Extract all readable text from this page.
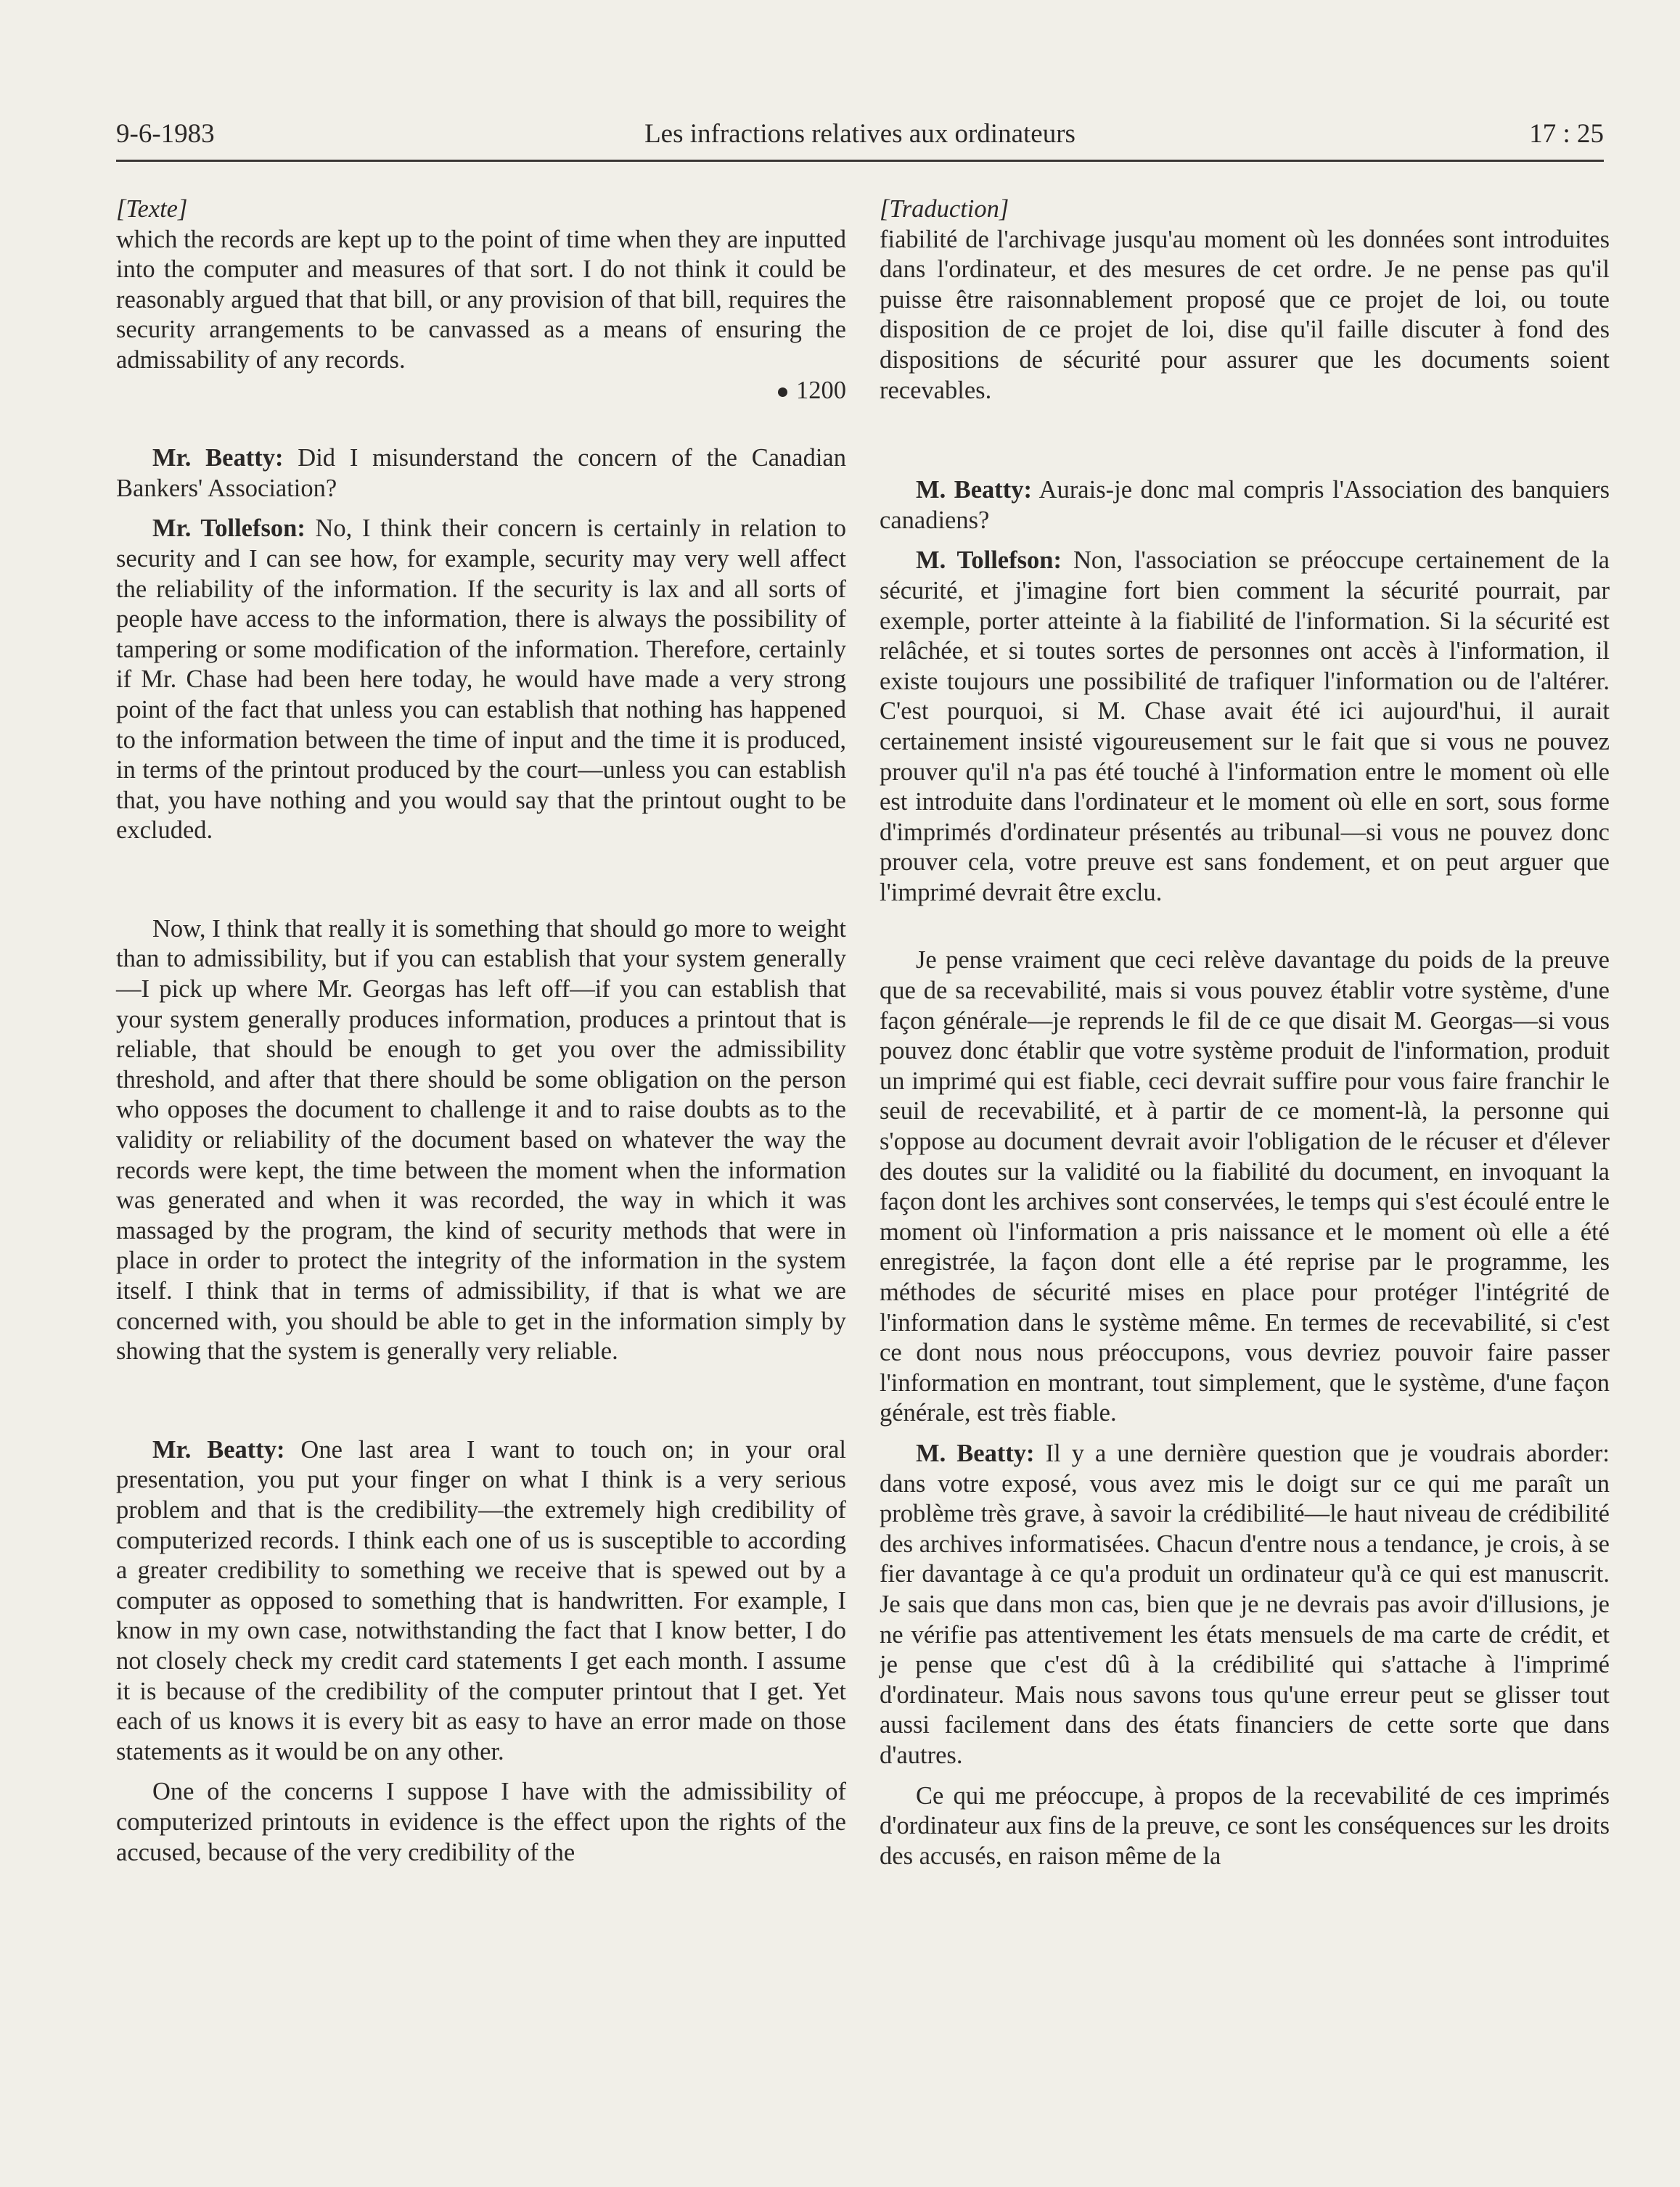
9-6-1983	Les infractions relatives aux ordinateurs	17 : 25

[Texte]

which the records are kept up to the point of time when they are inputted into the computer and measures of that sort. I do not think it could be reasonably argued that that bill, or any provision of that bill, requires the security arrangements to be canvassed as a means of ensuring the admissability of any records.

1200

Mr. Beatty: Did I misunderstand the concern of the Canadian Bankers' Association?

Mr. Tollefson: No, I think their concern is certainly in relation to security and I can see how, for example, security may very well affect the reliability of the information. If the security is lax and all sorts of people have access to the information, there is always the possibility of tampering or some modification of the information. Therefore, certainly if Mr. Chase had been here today, he would have made a very strong point of the fact that unless you can establish that nothing has happened to the information between the time of input and the time it is produced, in terms of the printout produced by the court—unless you can establish that, you have nothing and you would say that the printout ought to be excluded.

Now, I think that really it is something that should go more to weight than to admissibility, but if you can establish that your system generally—I pick up where Mr. Georgas has left off—if you can establish that your system generally produces information, produces a printout that is reliable, that should be enough to get you over the admissibility threshold, and after that there should be some obligation on the person who opposes the document to challenge it and to raise doubts as to the validity or reliability of the document based on whatever the way the records were kept, the time between the moment when the information was generated and when it was recorded, the way in which it was massaged by the program, the kind of security methods that were in place in order to protect the integrity of the information in the system itself. I think that in terms of admissibility, if that is what we are concerned with, you should be able to get in the information simply by showing that the system is generally very reliable.

Mr. Beatty: One last area I want to touch on; in your oral presentation, you put your finger on what I think is a very serious problem and that is the credibility—the extremely high credibility of computerized records. I think each one of us is susceptible to according a greater credibility to something we receive that is spewed out by a computer as opposed to something that is handwritten. For example, I know in my own case, notwithstanding the fact that I know better, I do not closely check my credit card statements I get each month. I assume it is because of the credibility of the computer printout that I get. Yet each of us knows it is every bit as easy to have an error made on those statements as it would be on any other.

One of the concerns I suppose I have with the admissibility of computerized printouts in evidence is the effect upon the rights of the accused, because of the very credibility of the

[Traduction]

fiabilité de l'archivage jusqu'au moment où les données sont introduites dans l'ordinateur, et des mesures de cet ordre. Je ne pense pas qu'il puisse être raisonnablement proposé que ce projet de loi, ou toute disposition de ce projet de loi, dise qu'il faille discuter à fond des dispositions de sécurité pour assurer que les documents soient recevables.

M. Beatty: Aurais-je donc mal compris l'Association des banquiers canadiens?

M. Tollefson: Non, l'association se préoccupe certainement de la sécurité, et j'imagine fort bien comment la sécurité pourrait, par exemple, porter atteinte à la fiabilité de l'information. Si la sécurité est relâchée, et si toutes sortes de personnes ont accès à l'information, il existe toujours une possibilité de trafiquer l'information ou de l'altérer. C'est pourquoi, si M. Chase avait été ici aujourd'hui, il aurait certainement insisté vigoureusement sur le fait que si vous ne pouvez prouver qu'il n'a pas été touché à l'information entre le moment où elle est introduite dans l'ordinateur et le moment où elle en sort, sous forme d'imprimés d'ordinateur présentés au tribunal—si vous ne pouvez donc prouver cela, votre preuve est sans fondement, et on peut arguer que l'imprimé devrait être exclu.

Je pense vraiment que ceci relève davantage du poids de la preuve que de sa recevabilité, mais si vous pouvez établir votre système, d'une façon générale—je reprends le fil de ce que disait M. Georgas—si vous pouvez donc établir que votre système produit de l'information, produit un imprimé qui est fiable, ceci devrait suffire pour vous faire franchir le seuil de recevabilité, et à partir de ce moment-là, la personne qui s'oppose au document devrait avoir l'obligation de le récuser et d'élever des doutes sur la validité ou la fiabilité du document, en invoquant la façon dont les archives sont conservées, le temps qui s'est écoulé entre le moment où l'information a pris naissance et le moment où elle a été enregistrée, la façon dont elle a été reprise par le programme, les méthodes de sécurité mises en place pour protéger l'intégrité de l'information dans le système même. En termes de recevabilité, si c'est ce dont nous nous préoccupons, vous devriez pouvoir faire passer l'information en montrant, tout simplement, que le système, d'une façon générale, est très fiable.

M. Beatty: Il y a une dernière question que je voudrais aborder: dans votre exposé, vous avez mis le doigt sur ce qui me paraît un problème très grave, à savoir la crédibilité—le haut niveau de crédibilité des archives informatisées. Chacun d'entre nous a tendance, je crois, à se fier davantage à ce qu'a produit un ordinateur qu'à ce qui est manuscrit. Je sais que dans mon cas, bien que je ne devrais pas avoir d'illusions, je ne vérifie pas attentivement les états mensuels de ma carte de crédit, et je pense que c'est dû à la crédibilité qui s'attache à l'imprimé d'ordinateur. Mais nous savons tous qu'une erreur peut se glisser tout aussi facilement dans des états financiers de cette sorte que dans d'autres.

Ce qui me préoccupe, à propos de la recevabilité de ces imprimés d'ordinateur aux fins de la preuve, ce sont les conséquences sur les droits des accusés, en raison même de la
